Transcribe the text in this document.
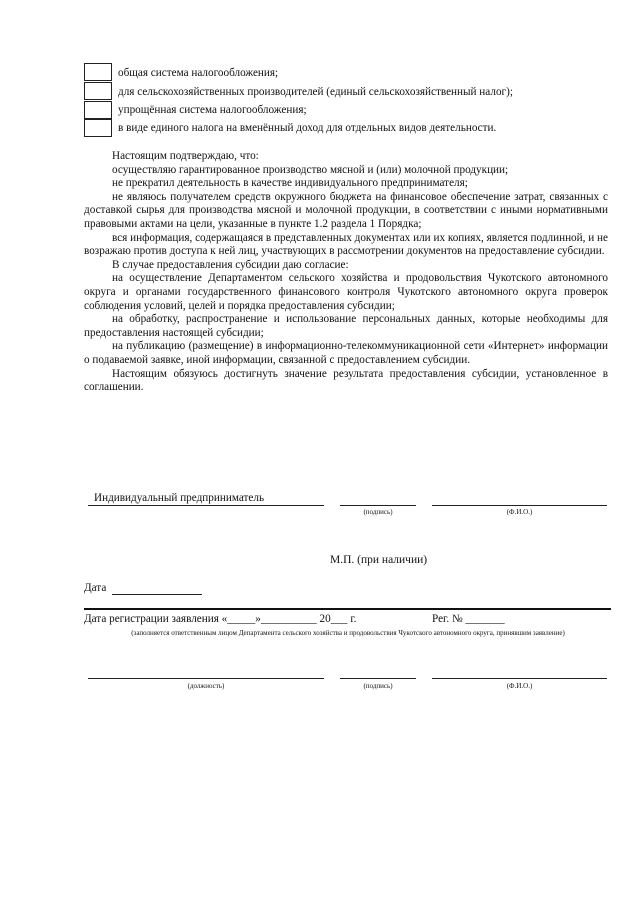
общая система налогообложения;
для сельскохозяйственных производителей (единый сельскохозяйственный налог);
упрощённая система налогообложения;
в виде единого налога на вменённый доход для отдельных видов деятельности.

Настоящим подтверждаю, что:

осуществляю гарантированное производство мясной и (или) молочной продукции;

не прекратил деятельность в качестве индивидуального предпринимателя;

не являюсь получателем средств окружного бюджета на финансовое обеспечение затрат, связанных с доставкой сырья для производства мясной и молочной продукции, в соответствии с иными нормативными правовыми актами на цели, указанные в пункте 1.2 раздела 1 Порядка;

вся информация, содержащаяся в представленных документах или их копиях, является подлинной, и не возражаю против доступа к ней лиц, участвующих в рассмотрении документов на предоставление субсидии.

В случае предоставления субсидии даю согласие:

на осуществление Департаментом сельского хозяйства и продовольствия Чукотского автономного округа и органами государственного финансового контроля Чукотского автономного округа проверок соблюдения условий, целей и порядка предоставления субсидии;

на обработку, распространение и использование персональных данных, которые необходимы для предоставления настоящей субсидии;

на публикацию (размещение) в информационно-телекоммуникационной сети «Интернет» информации о подаваемой заявке, иной информации, связанной с предоставлением субсидии.

Настоящим обязуюсь достигнуть значение результата предоставления субсидии, установленное в соглашении.

Индивидуальный предприниматель
(подпись)	(Ф.И.О.)
М.П. (при наличии)
Дата
Дата регистрации заявления «_____»__________ 20___ г.	Рег. № _______
(заполняется ответственным лицом Департамента сельского хозяйства и продовольствия Чукотского автономного округа, принявшим заявление)
(должность)	(подпись)	(Ф.И.О.)
